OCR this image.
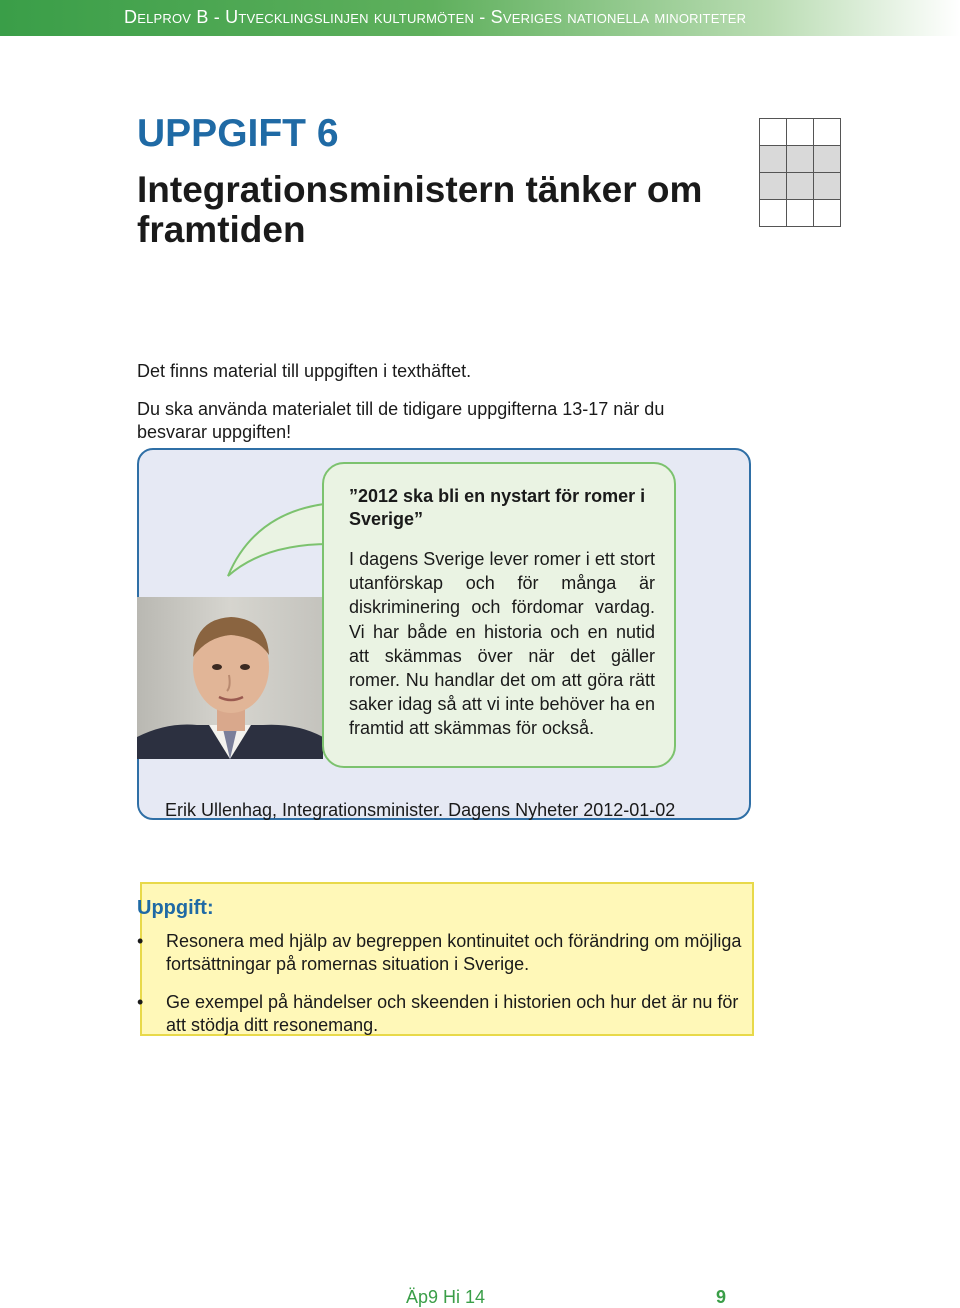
Delprov B - Utvecklingslinjen kulturmöten - Sveriges nationella minoriteter
UPPGIFT 6
Integrationsministern tänker om framtiden

Det finns material till uppgiften i texthäftet.

Du ska använda materialet till de tidigare uppgifterna 13-17 när du besvarar uppgiften!

”2012 ska bli en nystart för romer i Sverige”

I dagens Sverige lever romer i ett stort utanförskap och för många är diskriminering och fördomar vardag. Vi har både en historia och en nutid att skämmas över när det gäller romer. Nu handlar det om att göra rätt saker idag så att vi inte behöver ha en framtid att skämmas för också.

Erik Ullenhag, Integrationsminister. Dagens Nyheter 2012-01-02
Uppgift:
• Resonera med hjälp av begreppen kontinuitet och förändring om möjliga fortsättningar på romernas situation i Sverige.
• Ge exempel på händelser och skeenden i historien och hur det är nu för att stödja ditt resonemang.
Äp9 Hi 14	9
